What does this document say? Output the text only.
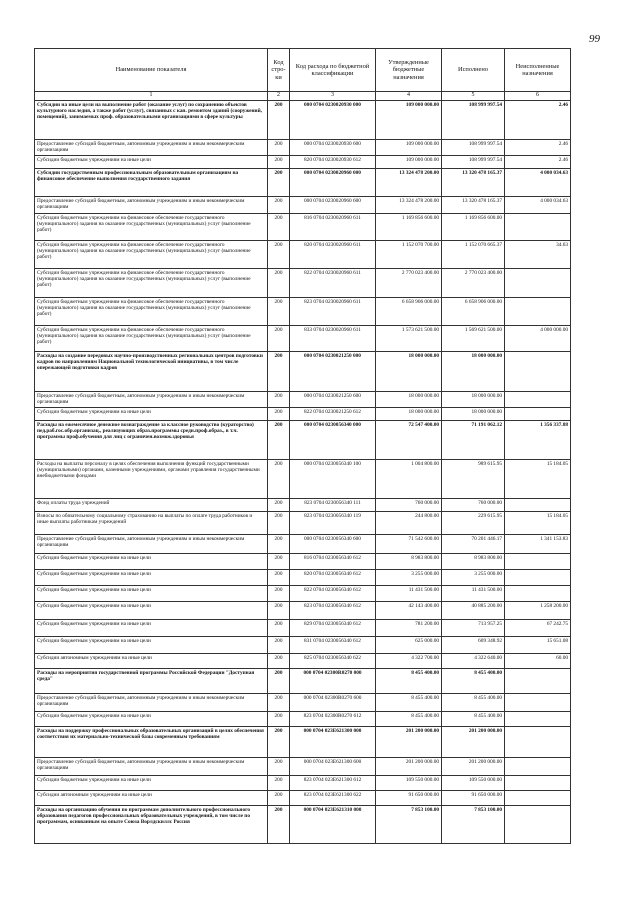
99
Наименование показателя	Код стро-ки	Код расхода по бюджетной классификации	Утвержденные бюджетные назначения	Исполнено	Неисполненные назначения
1	2	3	4	5	6
Субсидии на иные цели на выполнение работ (оказание услуг) по сохранению объектов культурного наследия, а также работ (услуг), связанных с кап. ремонтом зданий (сооружений, помещений), занимаемых проф. образовательными организациями в сфере культуры	200	000 0704 0230020930 000	109 000 000.00	108 999 997.54	2.46
Предоставление субсидий бюджетным, автономным учреждениям и иным некоммерческим организациям	200	000 0704 0230020930 600	109 000 000.00	108 999 997.54	2.46
Субсидии бюджетным учреждениям на иные цели	200	820 0704 0230020930 612	109 000 000.00	108 999 997.54	2.46
Субсидии государственным профессиональным образовательным организациям на финансовое обеспечение выполнения государственного задания	200	000 0704 0230020960 000	13 324 478 200.00	13 320 478 165.37	4 000 034.63
Предоставление субсидий бюджетным, автономным учреждениям и иным некоммерческим организациям	200	000 0704 0230020960 600	13 324 478 200.00	13 320 478 165.37	4 000 034.63
Субсидии бюджетным учреждениям на финансовое обеспечение государственного (муниципального) задания на оказание государственных (муниципальных) услуг (выполнение работ)	200	816 0704 0230020960 611	1 169 856 600.00	1 169 856 600.00	
Субсидии бюджетным учреждениям на финансовое обеспечение государственного (муниципального) задания на оказание государственных (муниципальных) услуг (выполнение работ)	200	820 0704 0230020960 611	1 152 070 700.00	1 152 070 665.37	34.63
Субсидии бюджетным учреждениям на финансовое обеспечение государственного (муниципального) задания на оказание государственных (муниципальных) услуг (выполнение работ)	200	822 0704 0230020960 611	2 770 023 400.00	2 770 023 400.00	
Субсидии бюджетным учреждениям на финансовое обеспечение государственного (муниципального) задания на оказание государственных (муниципальных) услуг (выполнение работ)	200	823 0704 0230020960 611	6 658 906 000.00	6 658 906 000.00	
Субсидии бюджетным учреждениям на финансовое обеспечение государственного (муниципального) задания на оказание государственных (муниципальных) услуг (выполнение работ)	200	833 0704 0230020960 611	1 573 621 500.00	1 569 621 500.00	4 000 000.00
Расходы на создание передовых научно-производственных региональных центров подготовки кадров по направлениям Национальной технологической инициативы, в том числе опережающей подготовки кадров	200	000 0704 0230021250 000	18 000 000.00	18 000 000.00	
Предоставление субсидий бюджетным, автономным учреждениям и иным некоммерческим организациям	200	000 0704 0230021250 600	18 000 000.00	18 000 000.00	
Субсидии бюджетным учреждениям на иные цели	200	822 0704 0230021250 612	18 000 000.00	18 000 000.00	
Расходы на ежемесячное денежное вознаграждение за классное руководство (кураторство) пед.раб.гос.обр.организац., реализующих образ.программы средн.проф.образ., в т.ч. программы проф.обучения для лиц с ограничен.возмож.здоровья	200	000 0704 0230056340 000	72 547 400.00	71 191 062.12	1 356 337.88
Расходы на выплаты персоналу в целях обеспечения выполнения функций государственными (муниципальными) органами, казенными учреждениями, органами управления государственными внебюджетными фондами	200	000 0704 0230056340 100	1 004 800.00	989 615.95	15 184.05
Фонд оплаты труда учреждений	200	823 0704 0230056340 111	760 000.00	760 000.00	
Взносы по обязательному социальному страхованию на выплаты по оплате труда работников и иные выплаты работникам учреждений	200	823 0704 0230056340 119	244 800.00	229 615.95	15 184.05
Предоставление субсидий бюджетным, автономным учреждениям и иным некоммерческим организациям	200	000 0704 0230056340 600	71 542 600.00	70 201 446.17	1 341 153.83
Субсидии бюджетным учреждениям на иные цели	200	816 0704 0230056340 612	8 983 800.00	8 983 800.00	
Субсидии бюджетным учреждениям на иные цели	200	820 0704 0230056340 612	3 255 000.00	3 255 000.00	
Субсидии бюджетным учреждениям на иные цели	200	822 0704 0230056340 612	11 431 500.00	11 431 500.00	
Субсидии бюджетным учреждениям на иные цели	200	823 0704 0230056340 612	42 143 400.00	40 885 200.00	1 258 200.00
Субсидии бюджетным учреждениям на иные цели	200	829 0704 0230056340 612	781 200.00	713 957.25	67 242.75
Субсидии бюджетным учреждениям на иные цели	200	831 0704 0230056340 612	625 000.00	609 348.92	15 651.08
Субсидии автономным учреждениям на иные цели	200	825 0704 0230056340 622	4 322 700.00	4 322 640.00	60.00
Расходы на мероприятия государственной программы Российской Федерации "Доступная среда"	200	000 0704 02300R0270 000	8 455 400.00	8 455 400.00	
Предоставление субсидий бюджетным, автономным учреждениям и иным некоммерческим организациям	200	000 0704 02300R0270 600	8 455 400.00	8 455 400.00	
Субсидии бюджетным учреждениям на иные цели	200	823 0704 02300R0270 612	8 455 400.00	8 455 400.00	
Расходы на поддержку профессиональных образовательных организаций в целях обеспечения соответствия их материально-технической базы современным требованиям	200	000 0704 023E621300 000	201 200 000.00	201 200 000.00	
Предоставление субсидий бюджетным, автономным учреждениям и иным некоммерческим организациям	200	000 0704 023E621300 600	201 200 000.00	201 200 000.00	
Субсидии бюджетным учреждениям на иные цели	200	823 0704 023E621300 612	109 550 000.00	109 550 000.00	
Субсидии автономным учреждениям на иные цели	200	823 0704 023E621300 622	91 650 000.00	91 650 000.00	
Расходы на организацию обучения по программам дополнительного профессионального образования педагогов профессиональных образовательных учреждений, в том числе по программам, основанным на опыте Союза Ворлдскиллс Россия	200	000 0704 023E621310 000	7 853 100.00	7 853 100.00	
